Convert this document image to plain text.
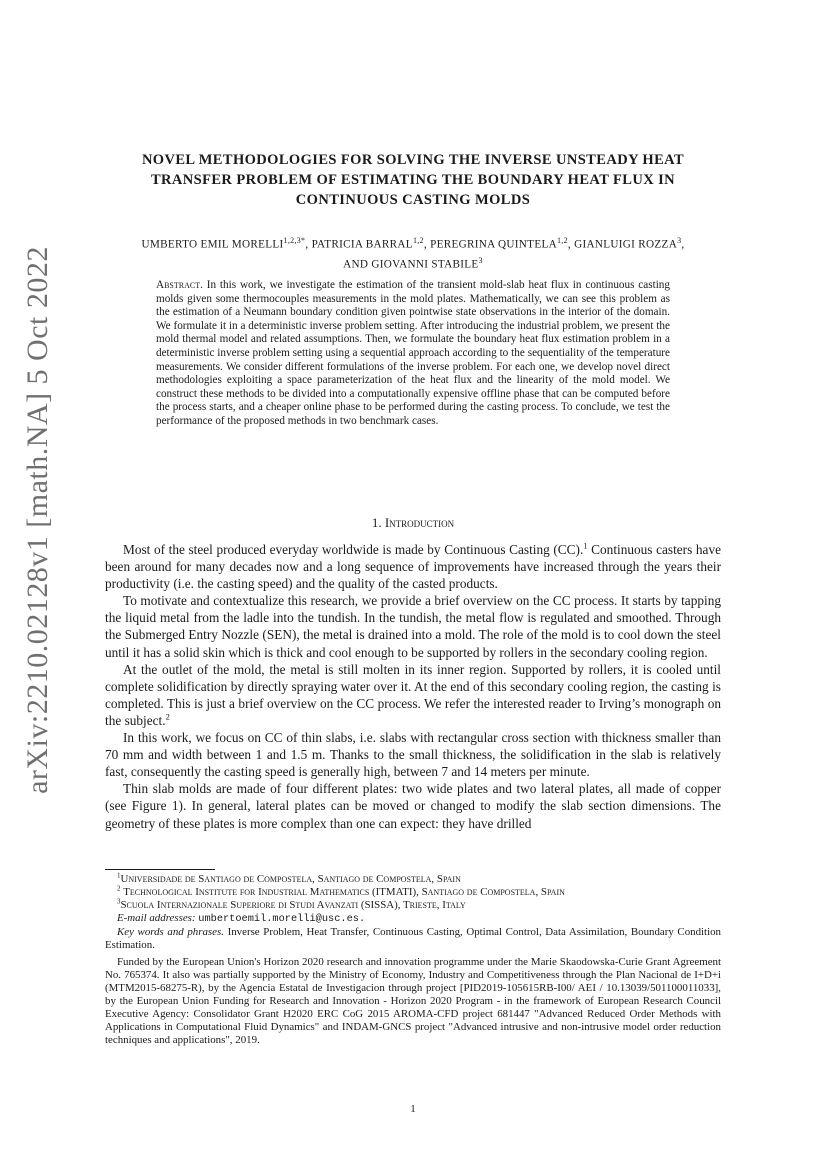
arXiv:2210.02128v1 [math.NA] 5 Oct 2022
NOVEL METHODOLOGIES FOR SOLVING THE INVERSE UNSTEADY HEAT TRANSFER PROBLEM OF ESTIMATING THE BOUNDARY HEAT FLUX IN CONTINUOUS CASTING MOLDS
UMBERTO EMIL $MORELLI^{1,2,3*}$, PATRICIA BARRAL$^{1,2}$, PEREGRINA QUINTELA$^{1,2}$, GIANLUIGI ROZZA$^3$,
AND GIOVANNI STABILE$^3$
Abstract. In this work, we investigate the estimation of the transient mold-slab heat flux in continuous casting molds given some thermocouples measurements in the mold plates. Mathematically, we can see this problem as the estimation of a Neumann boundary condition given pointwise state observations in the interior of the domain. We formulate it in a deterministic inverse problem setting. After introducing the industrial problem, we present the mold thermal model and related assumptions. Then, we formulate the boundary heat flux estimation problem in a deterministic inverse problem setting using a sequential approach according to the sequentiality of the temperature measurements. We consider different formulations of the inverse problem. For each one, we develop novel direct methodologies exploiting a space parameterization of the heat flux and the linearity of the mold model. We construct these methods to be divided into a computationally expensive offline phase that can be computed before the process starts, and a cheaper online phase to be performed during the casting process. To conclude, we test the performance of the proposed methods in two benchmark cases.
1. Introduction

Most of the steel produced everyday worldwide is made by Continuous Casting (CC).$^1$ Continuous casters have been around for many decades now and a long sequence of improvements have increased through the years their productivity (i.e. the casting speed) and the quality of the casted products.

To motivate and contextualize this research, we provide a brief overview on the CC process. It starts by tapping the liquid metal from the ladle into the tundish. In the tundish, the metal flow is regulated and smoothed. Through the Submerged Entry Nozzle (SEN), the metal is drained into a mold. The role of the mold is to cool down the steel until it has a solid skin which is thick and cool enough to be supported by rollers in the secondary cooling region.

At the outlet of the mold, the metal is still molten in its inner region. Supported by rollers, it is cooled until complete solidification by directly spraying water over it. At the end of this secondary cooling region, the casting is completed. This is just a brief overview on the CC process. We refer the interested reader to Irving’s monograph on the subject.$^2$

In this work, we focus on CC of thin slabs, i.e. slabs with rectangular cross section with thickness smaller than 70 mm and width between 1 and 1.5 m. Thanks to the small thickness, the solidification in the slab is relatively fast, consequently the casting speed is generally high, between 7 and 14 meters per minute.

Thin slab molds are made of four different plates: two wide plates and two lateral plates, all made of copper (see Figure 1). In general, lateral plates can be moved or changed to modify the slab section dimensions. The geometry of these plates is more complex than one can expect: they have drilled

$^1$Universidade de Santiago de Compostela, Santiago de Compostela, Spain
$^2$ Technological Institute for Industrial Mathematics (ITMATI), Santiago de Compostela, Spain
$^3$Scuola Internazionale Superiore di Studi Avanzati (SISSA), Trieste, Italy
E-mail addresses: umbertoemil.morelli@usc.es.

Key words and phrases. Inverse Problem, Heat Transfer, Continuous Casting, Optimal Control, Data Assimilation, Boundary Condition Estimation.

Funded by the European Union's Horizon 2020 research and innovation programme under the Marie Skaodowska-Curie Grant Agreement No. 765374. It also was partially supported by the Ministry of Economy, Industry and Competitiveness through the Plan Nacional de I+D+i (MTM2015-68275-R), by the Agencia Estatal de Investigacion through project [PID2019-105615RB-I00/ AEI / 10.13039/501100011033], by the European Union Funding for Research and Innovation - Horizon 2020 Program - in the framework of European Research Council Executive Agency: Consolidator Grant H2020 ERC CoG 2015 AROMA-CFD project 681447 "Advanced Reduced Order Methods with Applications in Computational Fluid Dynamics" and INDAM-GNCS project "Advanced intrusive and non-intrusive model order reduction techniques and applications", 2019.

1
